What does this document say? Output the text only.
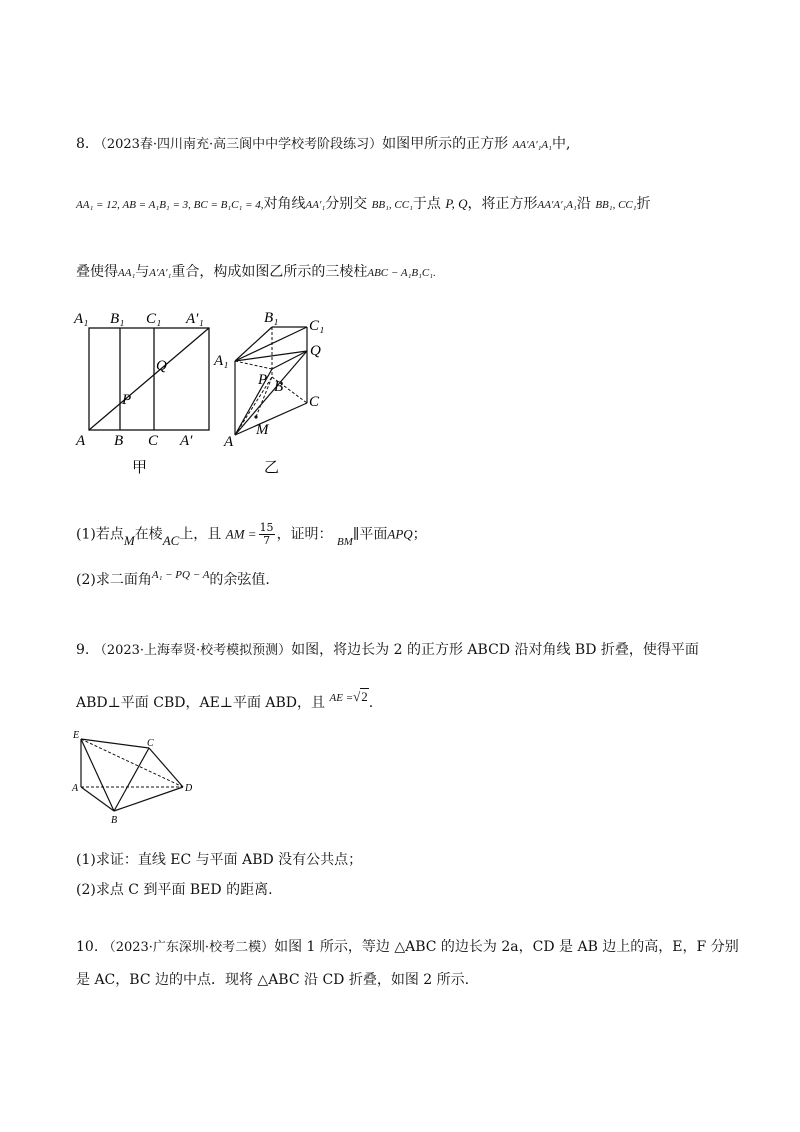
8. （2023春·四川南充·高三阆中中学校考阶段练习）如图甲所示的正方形 AA′A′₁A₁中,
AA₁ = 12, AB = A₁B₁ = 3, BC = B₁C₁ = 4,对角线AA′₁分别交 BB₁, CC₁于点 P, Q，将正方形AA′A′₁A₁沿 BB₁, CC₁折
叠使得AA₁与A′A′₁重合，构成如图乙所示的三棱柱ABC − A₁B₁C₁.
A₁ B₁ C₁ A′₁
A B C A′
P
Q
甲
B₁ C₁
A₁
Q
P B
C
A
M
乙
(1)若点M在棱AC上，且 AM = $\frac{15}{7}$ ，证明： $_{BM}$∥平面APQ；
(2)求二面角$^{A_1 - PQ - A}$的余弦值.
9. （2023·上海奉贤·校考模拟预测）如图，将边长为 2 的正方形 ABCD 沿对角线 BD 折叠，使得平面
ABD⊥平面 CBD，AE⊥平面 ABD，且 $^{AE =}$√2.
E
C
A	D
B
(1)求证：直线 EC 与平面 ABD 没有公共点；
(2)求点 C 到平面 BED 的距离.
10. （2023·广东深圳·校考二模）如图 1 所示，等边 △ABC 的边长为 2a，CD 是 AB 边上的高，E，F 分别
是 AC，BC 边的中点．现将 △ABC 沿 CD 折叠，如图 2 所示.
